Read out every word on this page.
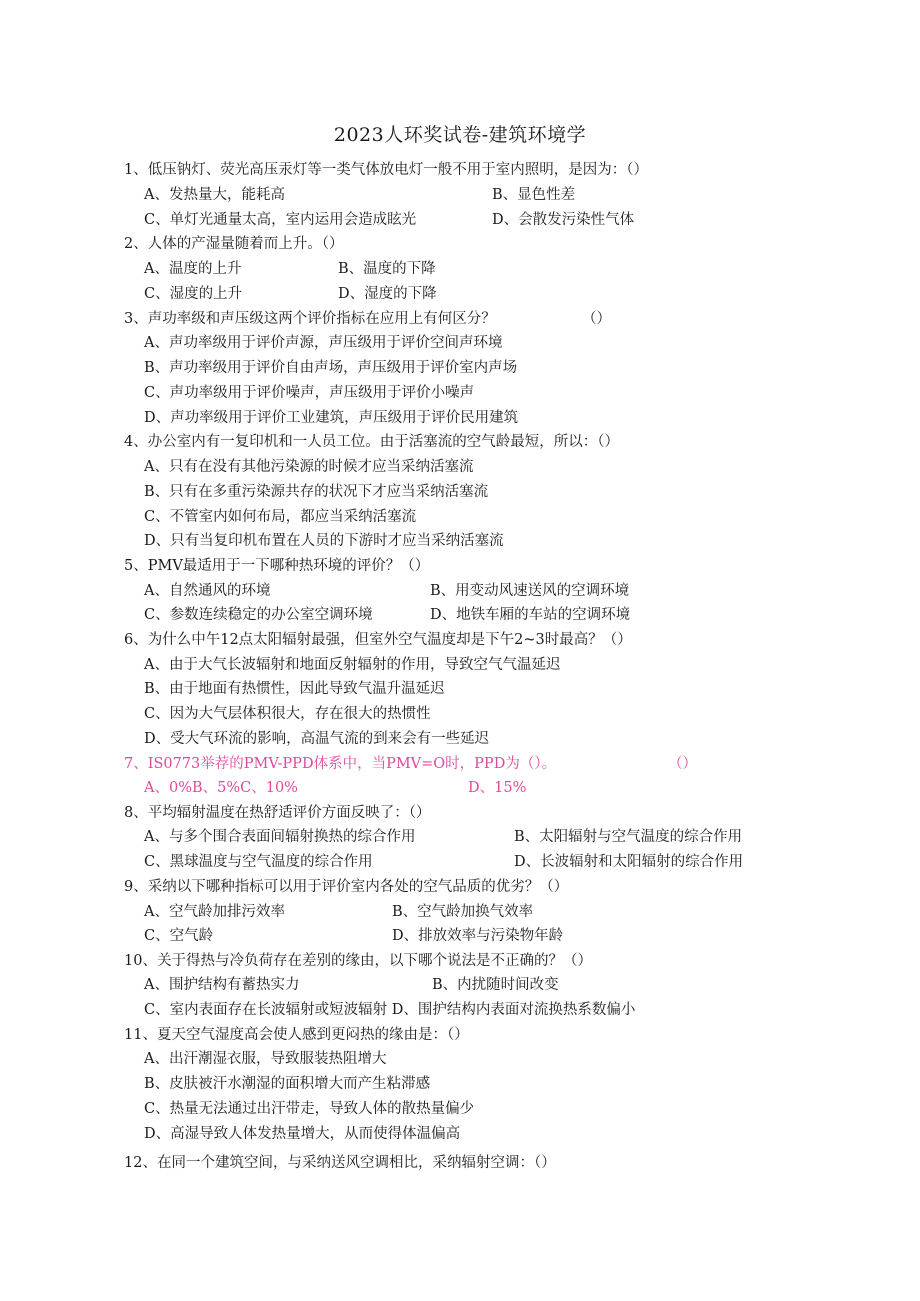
2023人环奖试卷-建筑环境学
1、低压钠灯、荧光高压汞灯等一类气体放电灯一般不用于室内照明，是因为：（）
A、发热量大，能耗高	B、显色性差
C、单灯光通量太高，室内运用会造成眩光	D、会散发污染性气体
2、人体的产湿量随着而上升。（）
A、温度的上升	B、温度的下降
C、湿度的上升	D、湿度的下降
3、声功率级和声压级这两个评价指标在应用上有何区分？	（）
A、声功率级用于评价声源，声压级用于评价空间声环境
B、声功率级用于评价自由声场，声压级用于评价室内声场
C、声功率级用于评价噪声，声压级用于评价小噪声
D、声功率级用于评价工业建筑，声压级用于评价民用建筑
4、办公室内有一复印机和一人员工位。由于活塞流的空气龄最短，所以：（）
A、只有在没有其他污染源的时候才应当采纳活塞流
B、只有在多重污染源共存的状况下才应当采纳活塞流
C、不管室内如何布局，都应当采纳活塞流
D、只有当复印机布置在人员的下游时才应当采纳活塞流
5、PMV最适用于一下哪种热环境的评价？（）
A、自然通风的环境	B、用变动风速送风的空调环境
C、参数连续稳定的办公室空调环境	D、地铁车厢的车站的空调环境
6、为什么中午12点太阳辐射最强，但室外空气温度却是下午2~3时最高？（）
A、由于大气长波辐射和地面反射辐射的作用，导致空气气温延迟
B、由于地面有热惯性，因此导致气温升温延迟
C、因为大气层体积很大，存在很大的热惯性
D、受大气环流的影响，高温气流的到来会有一些延迟
7、IS0773举荐的PMV-PPD体系中，当PMV=O时，PPD为（）。	（）
A、0%B、5%C、10%	D、15%
8、平均辐射温度在热舒适评价方面反映了：（）
A、与多个围合表面间辐射换热的综合作用	B、太阳辐射与空气温度的综合作用
C、黑球温度与空气温度的综合作用	D、长波辐射和太阳辐射的综合作用
9、采纳以下哪种指标可以用于评价室内各处的空气品质的优劣？（）
A、空气龄加排污效率	B、空气龄加换气效率
C、空气龄	D、排放效率与污染物年龄
10、关于得热与冷负荷存在差别的缘由，以下哪个说法是不正确的？（）
A、围护结构有蓄热实力	B、内扰随时间改变
C、室内表面存在长波辐射或短波辐射 D、围护结构内表面对流换热系数偏小
11、夏天空气湿度高会使人感到更闷热的缘由是：（）
A、出汗潮湿衣服，导致服装热阻增大
B、皮肤被汗水潮湿的面积增大而产生粘滞感
C、热量无法通过出汗带走，导致人体的散热量偏少
D、高湿导致人体发热量增大，从而使得体温偏高
12、在同一个建筑空间，与采纳送风空调相比，采纳辐射空调：（）
